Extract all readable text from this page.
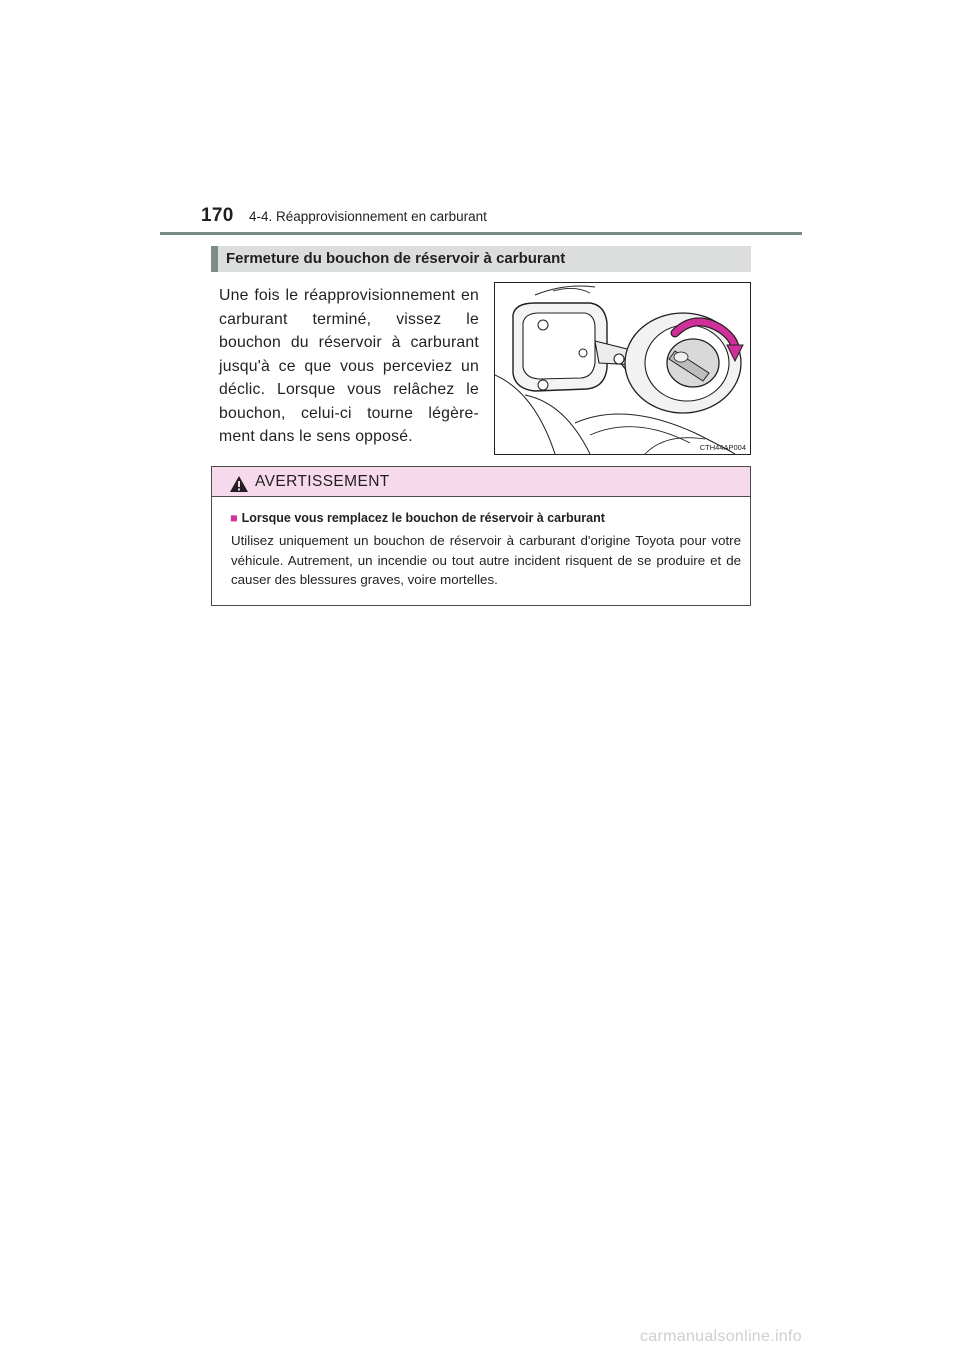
170 4-4. Réapprovisionnement en carburant
Fermeture du bouchon de réservoir à carburant

Une fois le réapprovisionnement en carburant terminé, vissez le bouchon du réservoir à carburant jusqu'à ce que vous perceviez un déclic. Lorsque vous relâchez le bouchon, celui-ci tourne légère-ment dans le sens opposé.

CTH44AP004
AVERTISSEMENT
■ Lorsque vous remplacez le bouchon de réservoir à carburant

Utilisez uniquement un bouchon de réservoir à carburant d'origine Toyota pour votre véhicule. Autrement, un incendie ou tout autre incident risquent de se produire et de causer des blessures graves, voire mortelles.

carmanualsonline.info
